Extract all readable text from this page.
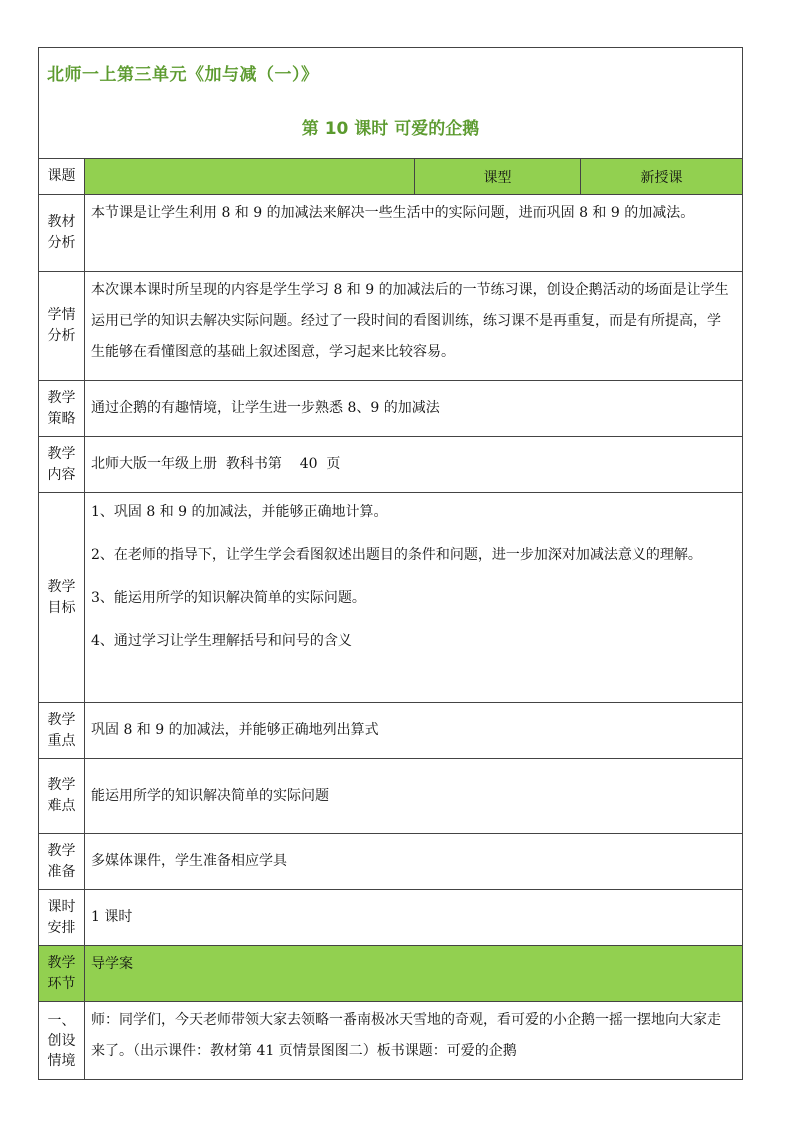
北师一上第三单元《加与减（一）》
第 10 课时 可爱的企鹅
课题	课型	新授课
教材分析

本节课是让学生利用 8 和 9 的加减法来解决一些生活中的实际问题，进而巩固 8 和 9 的加减法。

学情分析

本次课本课时所呈现的内容是学生学习 8 和 9 的加减法后的一节练习课，创设企鹅活动的场面是让学生运用已学的知识去解决实际问题。经过了一段时间的看图训练，练习课不是再重复，而是有所提高，学生能够在看懂图意的基础上叙述图意，学习起来比较容易。

教学策略

通过企鹅的有趣情境，让学生进一步熟悉 8、9 的加减法

教学内容

北师大版一年级上册  教科书第    40  页

教学目标

1、巩固 8 和 9 的加减法，并能够正确地计算。

2、在老师的指导下，让学生学会看图叙述出题目的条件和问题，进一步加深对加减法意义的理解。

3、能运用所学的知识解决简单的实际问题。

4、通过学习让学生理解括号和问号的含义

教学重点

巩固 8 和 9 的加减法，并能够正确地列出算式

教学难点

能运用所学的知识解决简单的实际问题

教学准备

多媒体课件，学生准备相应学具

课时安排

1 课时

教学环节

导学案

一、创设情境

师：同学们，今天老师带领大家去领略一番南极冰天雪地的奇观，看可爱的小企鹅一摇一摆地向大家走来了。（出示课件：教材第 41 页情景图图二）板书课题：可爱的企鹅
